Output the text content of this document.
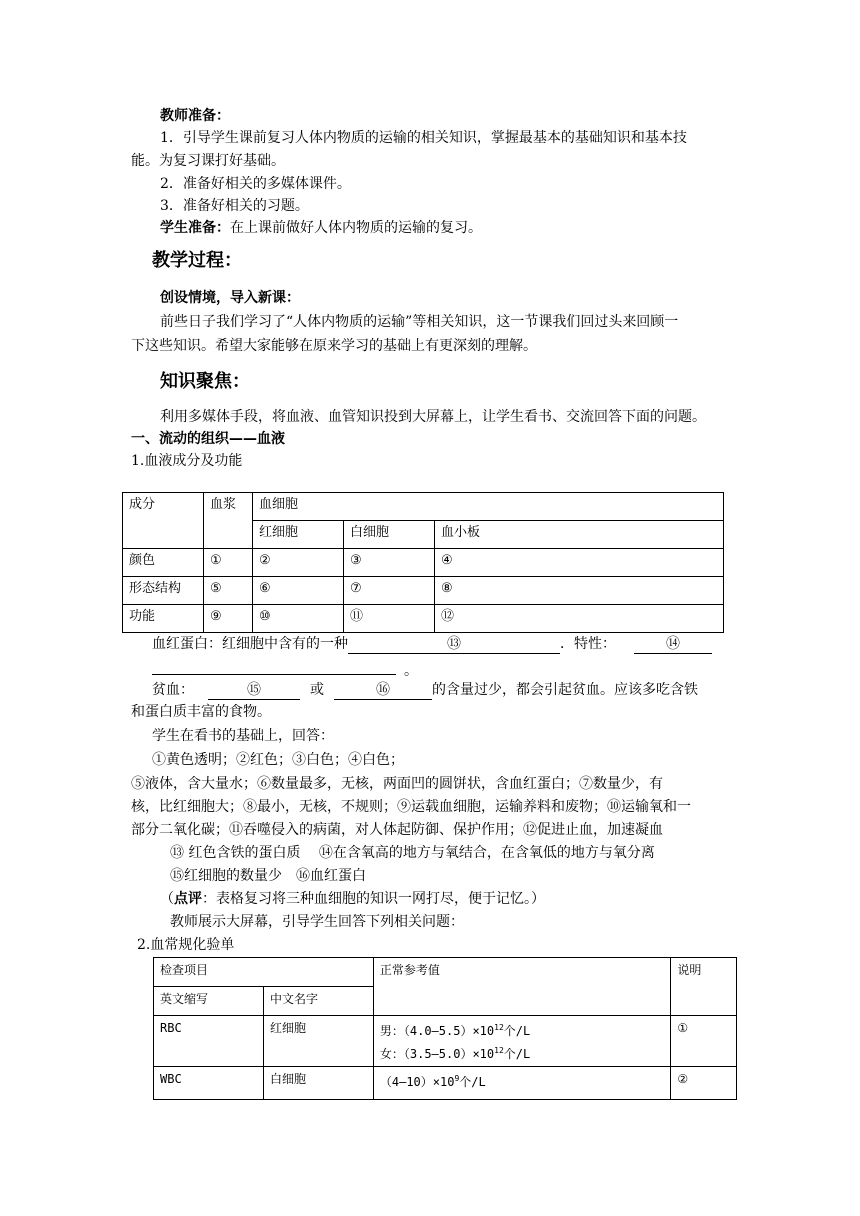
教师准备：
1．引导学生课前复习人体内物质的运输的相关知识，掌握最基本的基础知识和基本技
能。为复习课打好基础。
2．准备好相关的多媒体课件。
3．准备好相关的习题。
学生准备：在上课前做好人体内物质的运输的复习。
教学过程：
创设情境，导入新课：
前些日子我们学习了“人体内物质的运输”等相关知识，这一节课我们回过头来回顾一
下这些知识。希望大家能够在原来学习的基础上有更深刻的理解。
知识聚焦：
利用多媒体手段，将血液、血管知识投到大屏幕上，让学生看书、交流回答下面的问题。
一、流动的组织——血液
1.血液成分及功能
成分	血浆	血细胞		
		红细胞	白细胞	血小板
颜色	①	②	③	④
形态结构	⑤	⑥	⑦	⑧
功能	⑨	⑩	⑪	⑫
血红蛋白：红细胞中含有的一种	⑬	．特性：	⑭
。
贫血：	⑮	或	⑯	的含量过少，都会引起贫血。应该多吃含铁
和蛋白质丰富的食物。
学生在看书的基础上，回答：
①黄色透明；②红色；③白色；④白色；
⑤液体，含大量水；⑥数量最多，无核，两面凹的圆饼状，含血红蛋白；⑦数量少，有
核，比红细胞大；⑧最小，无核，不规则；⑨运载血细胞，运输养料和废物；⑩运输氧和一
部分二氧化碳；⑪吞噬侵入的病菌，对人体起防御、保护作用；⑫促进止血，加速凝血
⑬ 红色含铁的蛋白质　 ⑭在含氧高的地方与氧结合，在含氧低的地方与氧分离
⑮红细胞的数量少　⑯血红蛋白
（点评：表格复习将三种血细胞的知识一网打尽，便于记忆。）
教师展示大屏幕，引导学生回答下列相关问题：
2.血常规化验单
检查项目		正常参考值	说明
英文缩写	中文名字		
RBC	红细胞	男：$(4.0—5.5)\times 10^{12}$个/L
女：$(3.5—5.0)\times 10^{12}$个/L	①
WBC	白细胞	$(4—10)\times 10^9$个/L	②
